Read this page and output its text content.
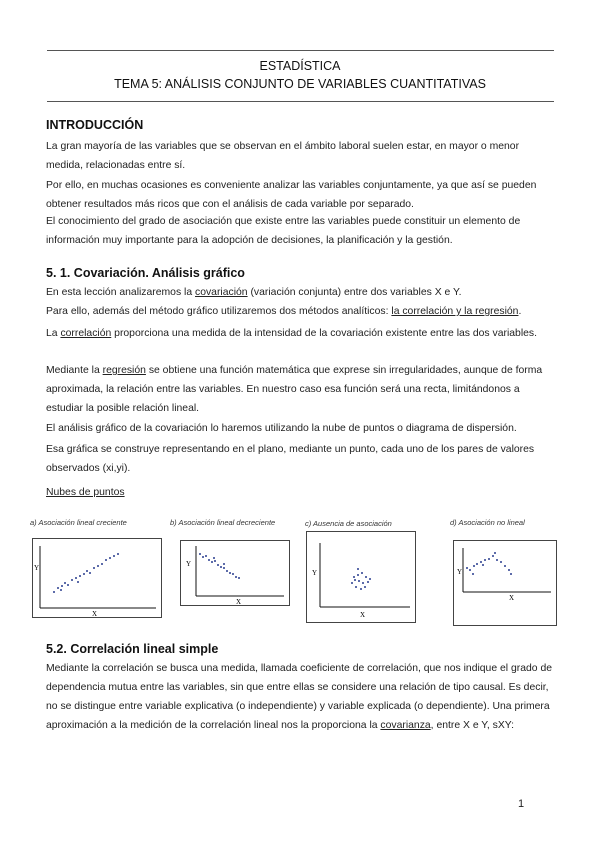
ESTADÍSTICA
TEMA 5: ANÁLISIS CONJUNTO DE VARIABLES CUANTITATIVAS
INTRODUCCIÓN
La gran mayoría de las variables que se observan en el ámbito laboral suelen estar, en mayor o menor medida, relacionadas entre sí.
Por ello, en muchas ocasiones es conveniente analizar las variables conjuntamente, ya que así se pueden obtener resultados más ricos que con el análisis de cada variable por separado.
El conocimiento del grado de asociación que existe entre las variables puede constituir un elemento de información muy importante para la adopción de decisiones, la planificación y la gestión.
5. 1. Covariación. Análisis gráfico
En esta lección analizaremos la covariación (variación conjunta) entre dos variables X e Y.
Para ello, además del método gráfico utilizaremos dos métodos analíticos: la correlación y la regresión.
La correlación proporciona una medida de la intensidad de la covariación existente entre las dos variables.
Mediante la regresión se obtiene una función matemática que exprese sin irregularidades, aunque de forma aproximada, la relación entre las variables. En nuestro caso esa función será una recta, limitándonos a estudiar la posible relación lineal.
El análisis gráfico de la covariación lo haremos utilizando la nube de puntos o diagrama de dispersión.
Esa gráfica se construye representando en el plano, mediante un punto, cada uno de los pares de valores observados (xi,yi).
Nubes de puntos
a) Asociación lineal creciente	b) Asociación lineal decreciente	c) Ausencia de asociación	d) Asociación no lineal
Y
X
Y
X
Y
X
Y
X
5.2. Correlación lineal simple
Mediante la correlación se busca una medida, llamada coeficiente de correlación, que nos indique el grado de dependencia mutua entre las variables, sin que entre ellas se considere una relación de tipo causal. Es decir, no se distingue entre variable explicativa (o independiente) y variable explicada (o dependiente). Una primera aproximación a la medición de la correlación lineal nos la proporciona la covarianza, entre X e Y, sXY:
1
